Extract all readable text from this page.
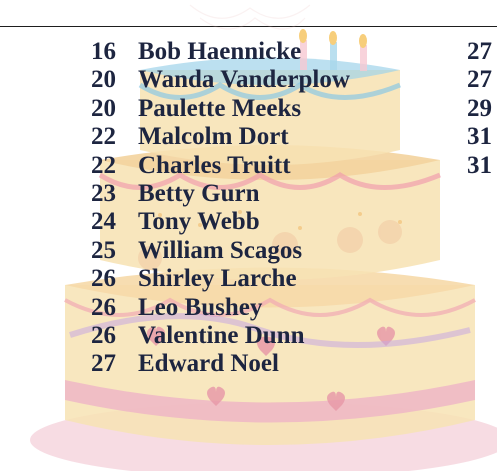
16 Bob Haennicke	27
20 Wanda Vanderplow	27
20 Paulette Meeks	29
22 Malcolm Dort	31
22 Charles Truitt	31
23 Betty Gurn
24 Tony Webb
25 William Scagos
26 Shirley Larche
26 Leo Bushey
26 Valentine Dunn
27 Edward Noel
